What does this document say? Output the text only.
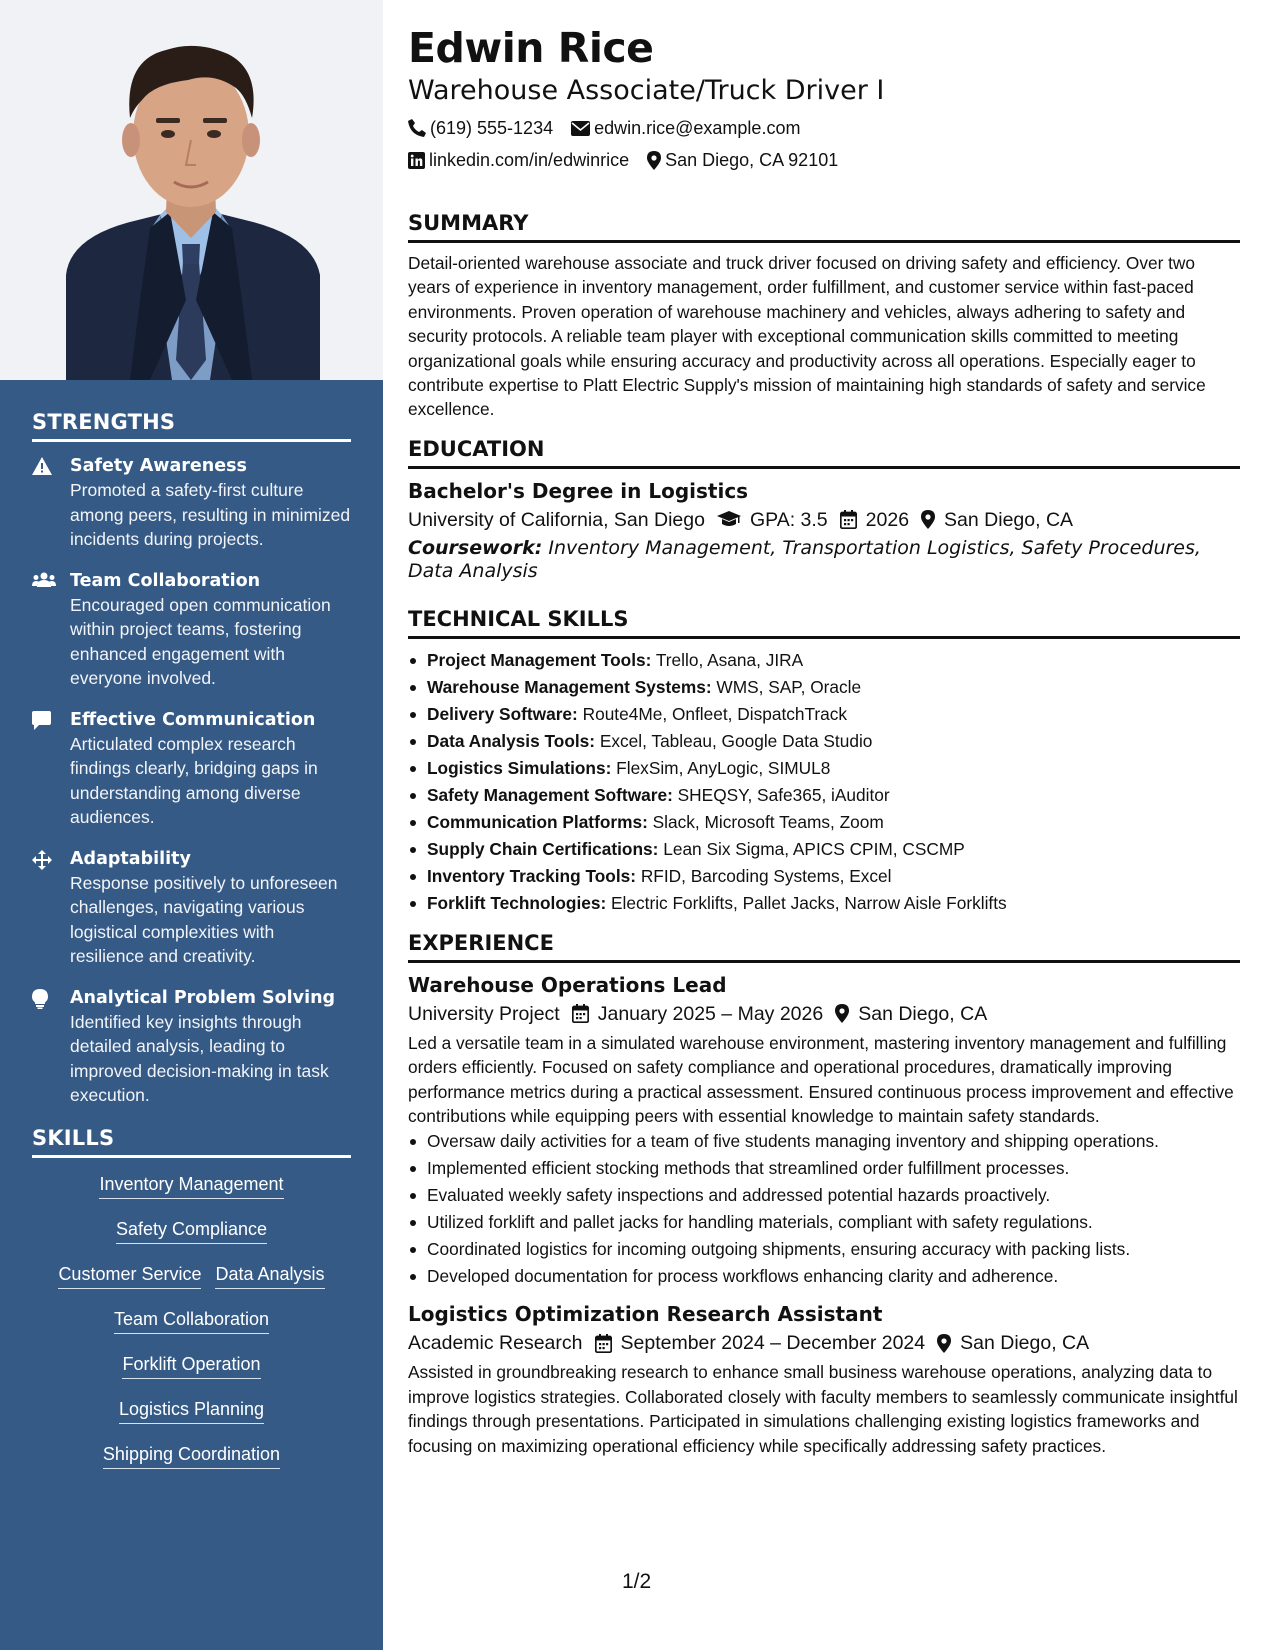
STRENGTHS
Safety Awareness
Promoted a safety-first culture among peers, resulting in minimized incidents during projects.
Team Collaboration
Encouraged open communication within project teams, fostering enhanced engagement with everyone involved.
Effective Communication
Articulated complex research findings clearly, bridging gaps in understanding among diverse audiences.
Adaptability
Response positively to unforeseen challenges, navigating various logistical complexities with resilience and creativity.
Analytical Problem Solving
Identified key insights through detailed analysis, leading to improved decision-making in task execution.
SKILLS
Inventory Management
Safety Compliance
Customer Service Data Analysis
Team Collaboration
Forklift Operation
Logistics Planning
Shipping Coordination
Edwin Rice
Warehouse Associate/Truck Driver I
(619) 555-1234 edwin.rice@example.com
linkedin.com/in/edwinrice San Diego, CA 92101
SUMMARY
Detail-oriented warehouse associate and truck driver focused on driving safety and efficiency. Over two years of experience in inventory management, order fulfillment, and customer service within fast-paced environments. Proven operation of warehouse machinery and vehicles, always adhering to safety and security protocols. A reliable team player with exceptional communication skills committed to meeting organizational goals while ensuring accuracy and productivity across all operations. Especially eager to contribute expertise to Platt Electric Supply's mission of maintaining high standards of safety and service excellence.
EDUCATION
Bachelor's Degree in Logistics
University of California, San Diego GPA: 3.5 2026 San Diego, CA
Coursework: Inventory Management, Transportation Logistics, Safety Procedures, Data Analysis
TECHNICAL SKILLS
Project Management Tools: Trello, Asana, JIRA
Warehouse Management Systems: WMS, SAP, Oracle
Delivery Software: Route4Me, Onfleet, DispatchTrack
Data Analysis Tools: Excel, Tableau, Google Data Studio
Logistics Simulations: FlexSim, AnyLogic, SIMUL8
Safety Management Software: SHEQSY, Safe365, iAuditor
Communication Platforms: Slack, Microsoft Teams, Zoom
Supply Chain Certifications: Lean Six Sigma, APICS CPIM, CSCMP
Inventory Tracking Tools: RFID, Barcoding Systems, Excel
Forklift Technologies: Electric Forklifts, Pallet Jacks, Narrow Aisle Forklifts
EXPERIENCE
Warehouse Operations Lead
University Project January 2025 – May 2026 San Diego, CA
Led a versatile team in a simulated warehouse environment, mastering inventory management and fulfilling orders efficiently. Focused on safety compliance and operational procedures, dramatically improving performance metrics during a practical assessment. Ensured continuous process improvement and effective contributions while equipping peers with essential knowledge to maintain safety standards.
Oversaw daily activities for a team of five students managing inventory and shipping operations.
Implemented efficient stocking methods that streamlined order fulfillment processes.
Evaluated weekly safety inspections and addressed potential hazards proactively.
Utilized forklift and pallet jacks for handling materials, compliant with safety regulations.
Coordinated logistics for incoming outgoing shipments, ensuring accuracy with packing lists.
Developed documentation for process workflows enhancing clarity and adherence.
Logistics Optimization Research Assistant
Academic Research September 2024 – December 2024 San Diego, CA
Assisted in groundbreaking research to enhance small business warehouse operations, analyzing data to improve logistics strategies. Collaborated closely with faculty members to seamlessly communicate insightful findings through presentations. Participated in simulations challenging existing logistics frameworks and focusing on maximizing operational efficiency while specifically addressing safety practices.
1/2
